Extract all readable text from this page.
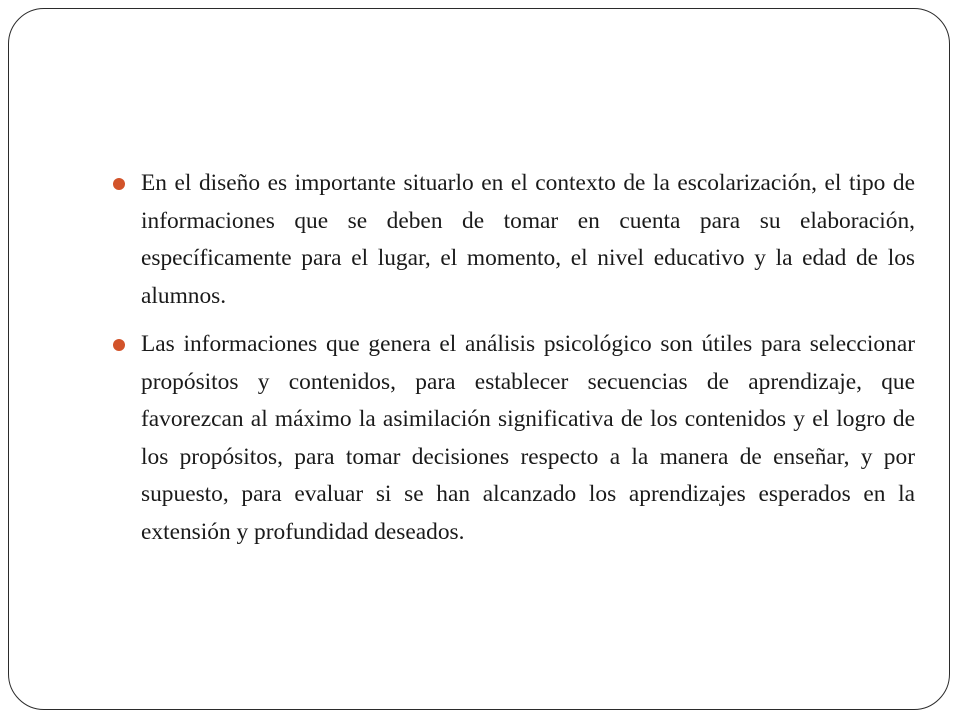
En el diseño es importante situarlo en el contexto de la escolarización, el tipo de informaciones que se deben de tomar en cuenta para su elaboración, específicamente para el lugar, el momento, el nivel educativo y la edad de los alumnos.
Las informaciones que genera el análisis psicológico son útiles para seleccionar propósitos y contenidos, para establecer secuencias de aprendizaje, que favorezcan al máximo la asimilación significativa de los contenidos y el logro de los propósitos, para tomar decisiones respecto a la manera de enseñar, y por supuesto, para evaluar si se han alcanzado los aprendizajes esperados en la extensión y profundidad deseados.
